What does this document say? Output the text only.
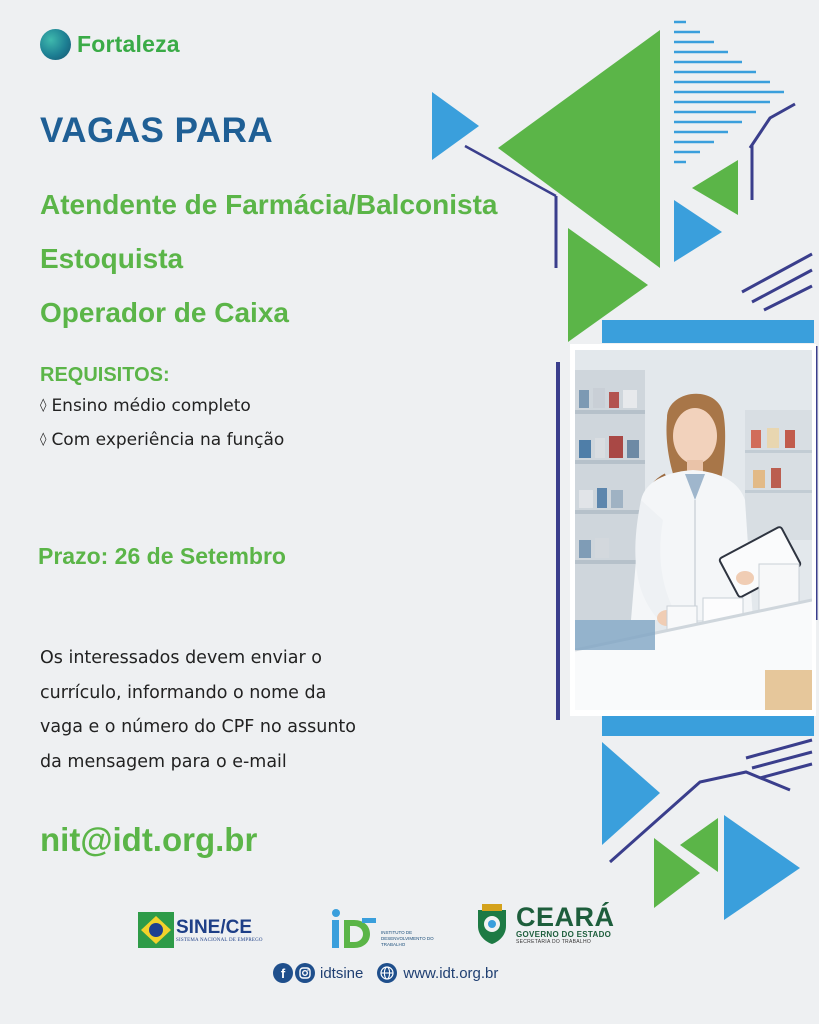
Fortaleza
VAGAS PARA
Atendente de Farmácia/Balconista
Estoquista
Operador de Caixa
REQUISITOS:
◊ Ensino médio completo
◊ Com experiência na função

Prazo: 26 de Setembro

Os interessados devem enviar o
currículo, informando o nome da
vaga e o número do CPF no assunto
da mensagem para o e-mail

nit@idt.org.br
SINE/CE
SISTEMA NACIONAL DE EMPREGO
INSTITUTO DE DESENVOLVIMENTO DO TRABALHO
CEARÁ
GOVERNO DO ESTADO
SECRETARIA DO TRABALHO
f	idtsine	www.idt.org.br
